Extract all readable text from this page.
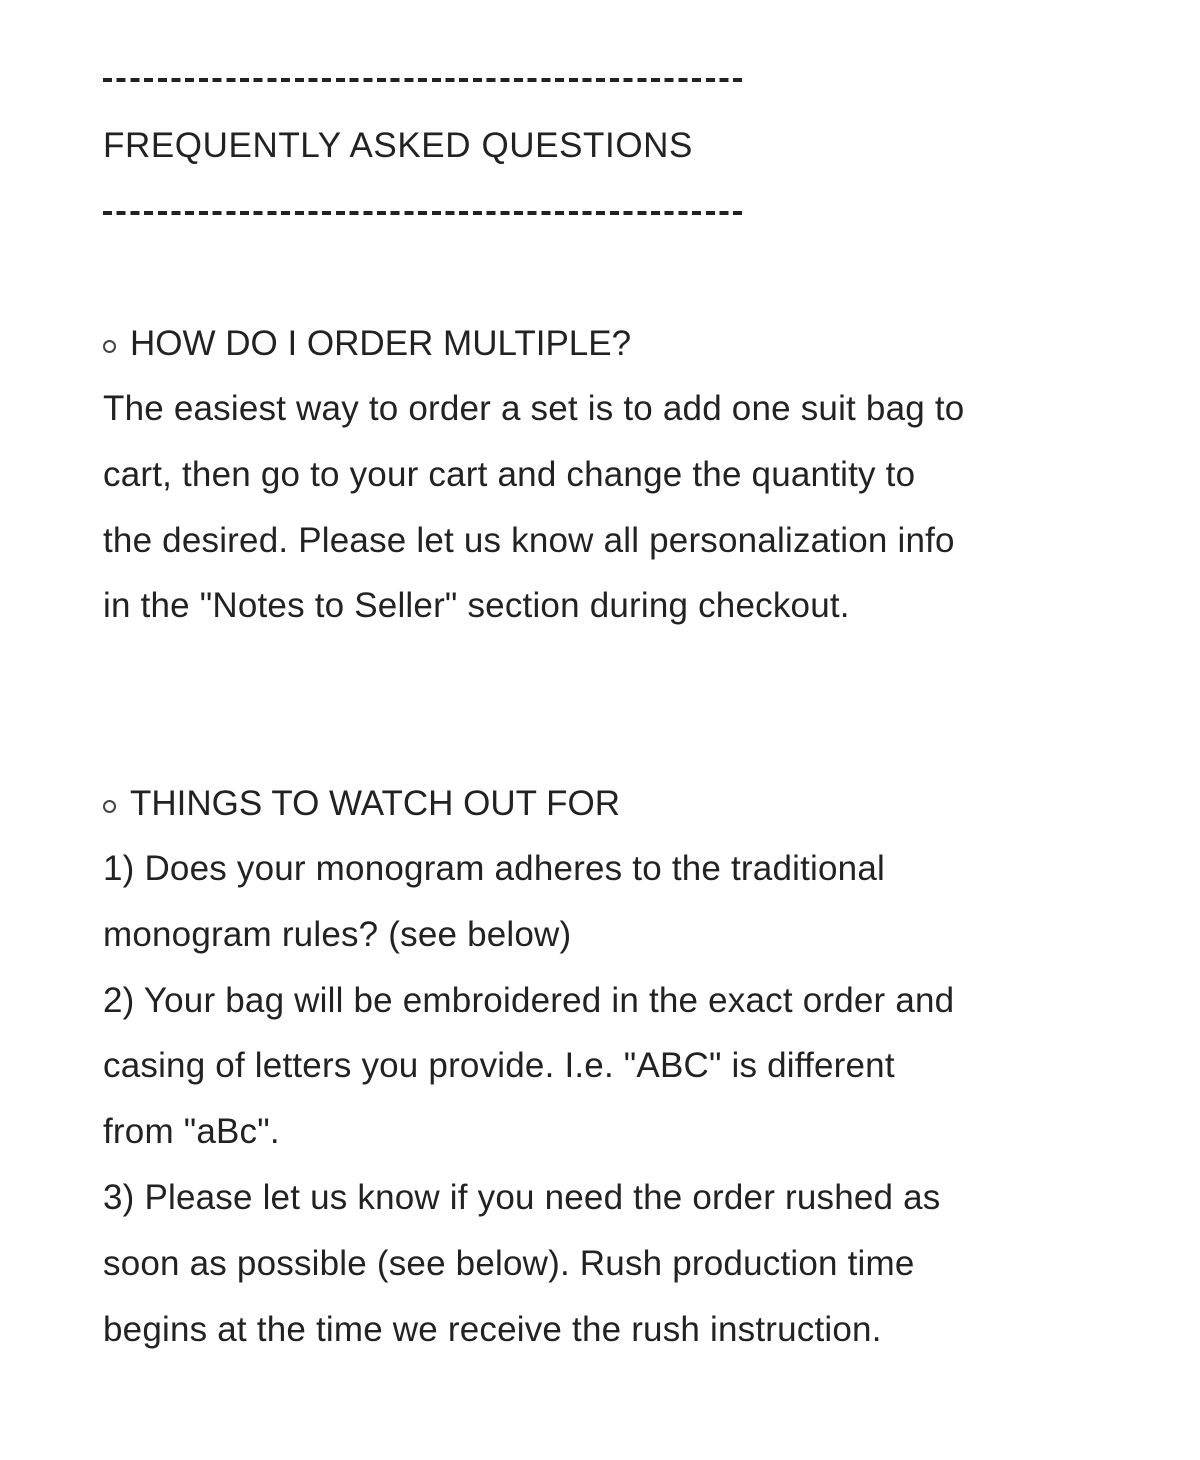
FREQUENTLY ASKED QUESTIONS
HOW DO I ORDER MULTIPLE?
The easiest way to order a set is to add one suit bag to
cart, then go to your cart and change the quantity to
the desired. Please let us know all personalization info
in the "Notes to Seller" section during checkout.
THINGS TO WATCH OUT FOR
1) Does your monogram adheres to the traditional
monogram rules? (see below)
2) Your bag will be embroidered in the exact order and
casing of letters you provide. I.e. "ABC" is different
from "aBc".
3) Please let us know if you need the order rushed as
soon as possible (see below). Rush production time
begins at the time we receive the rush instruction.
